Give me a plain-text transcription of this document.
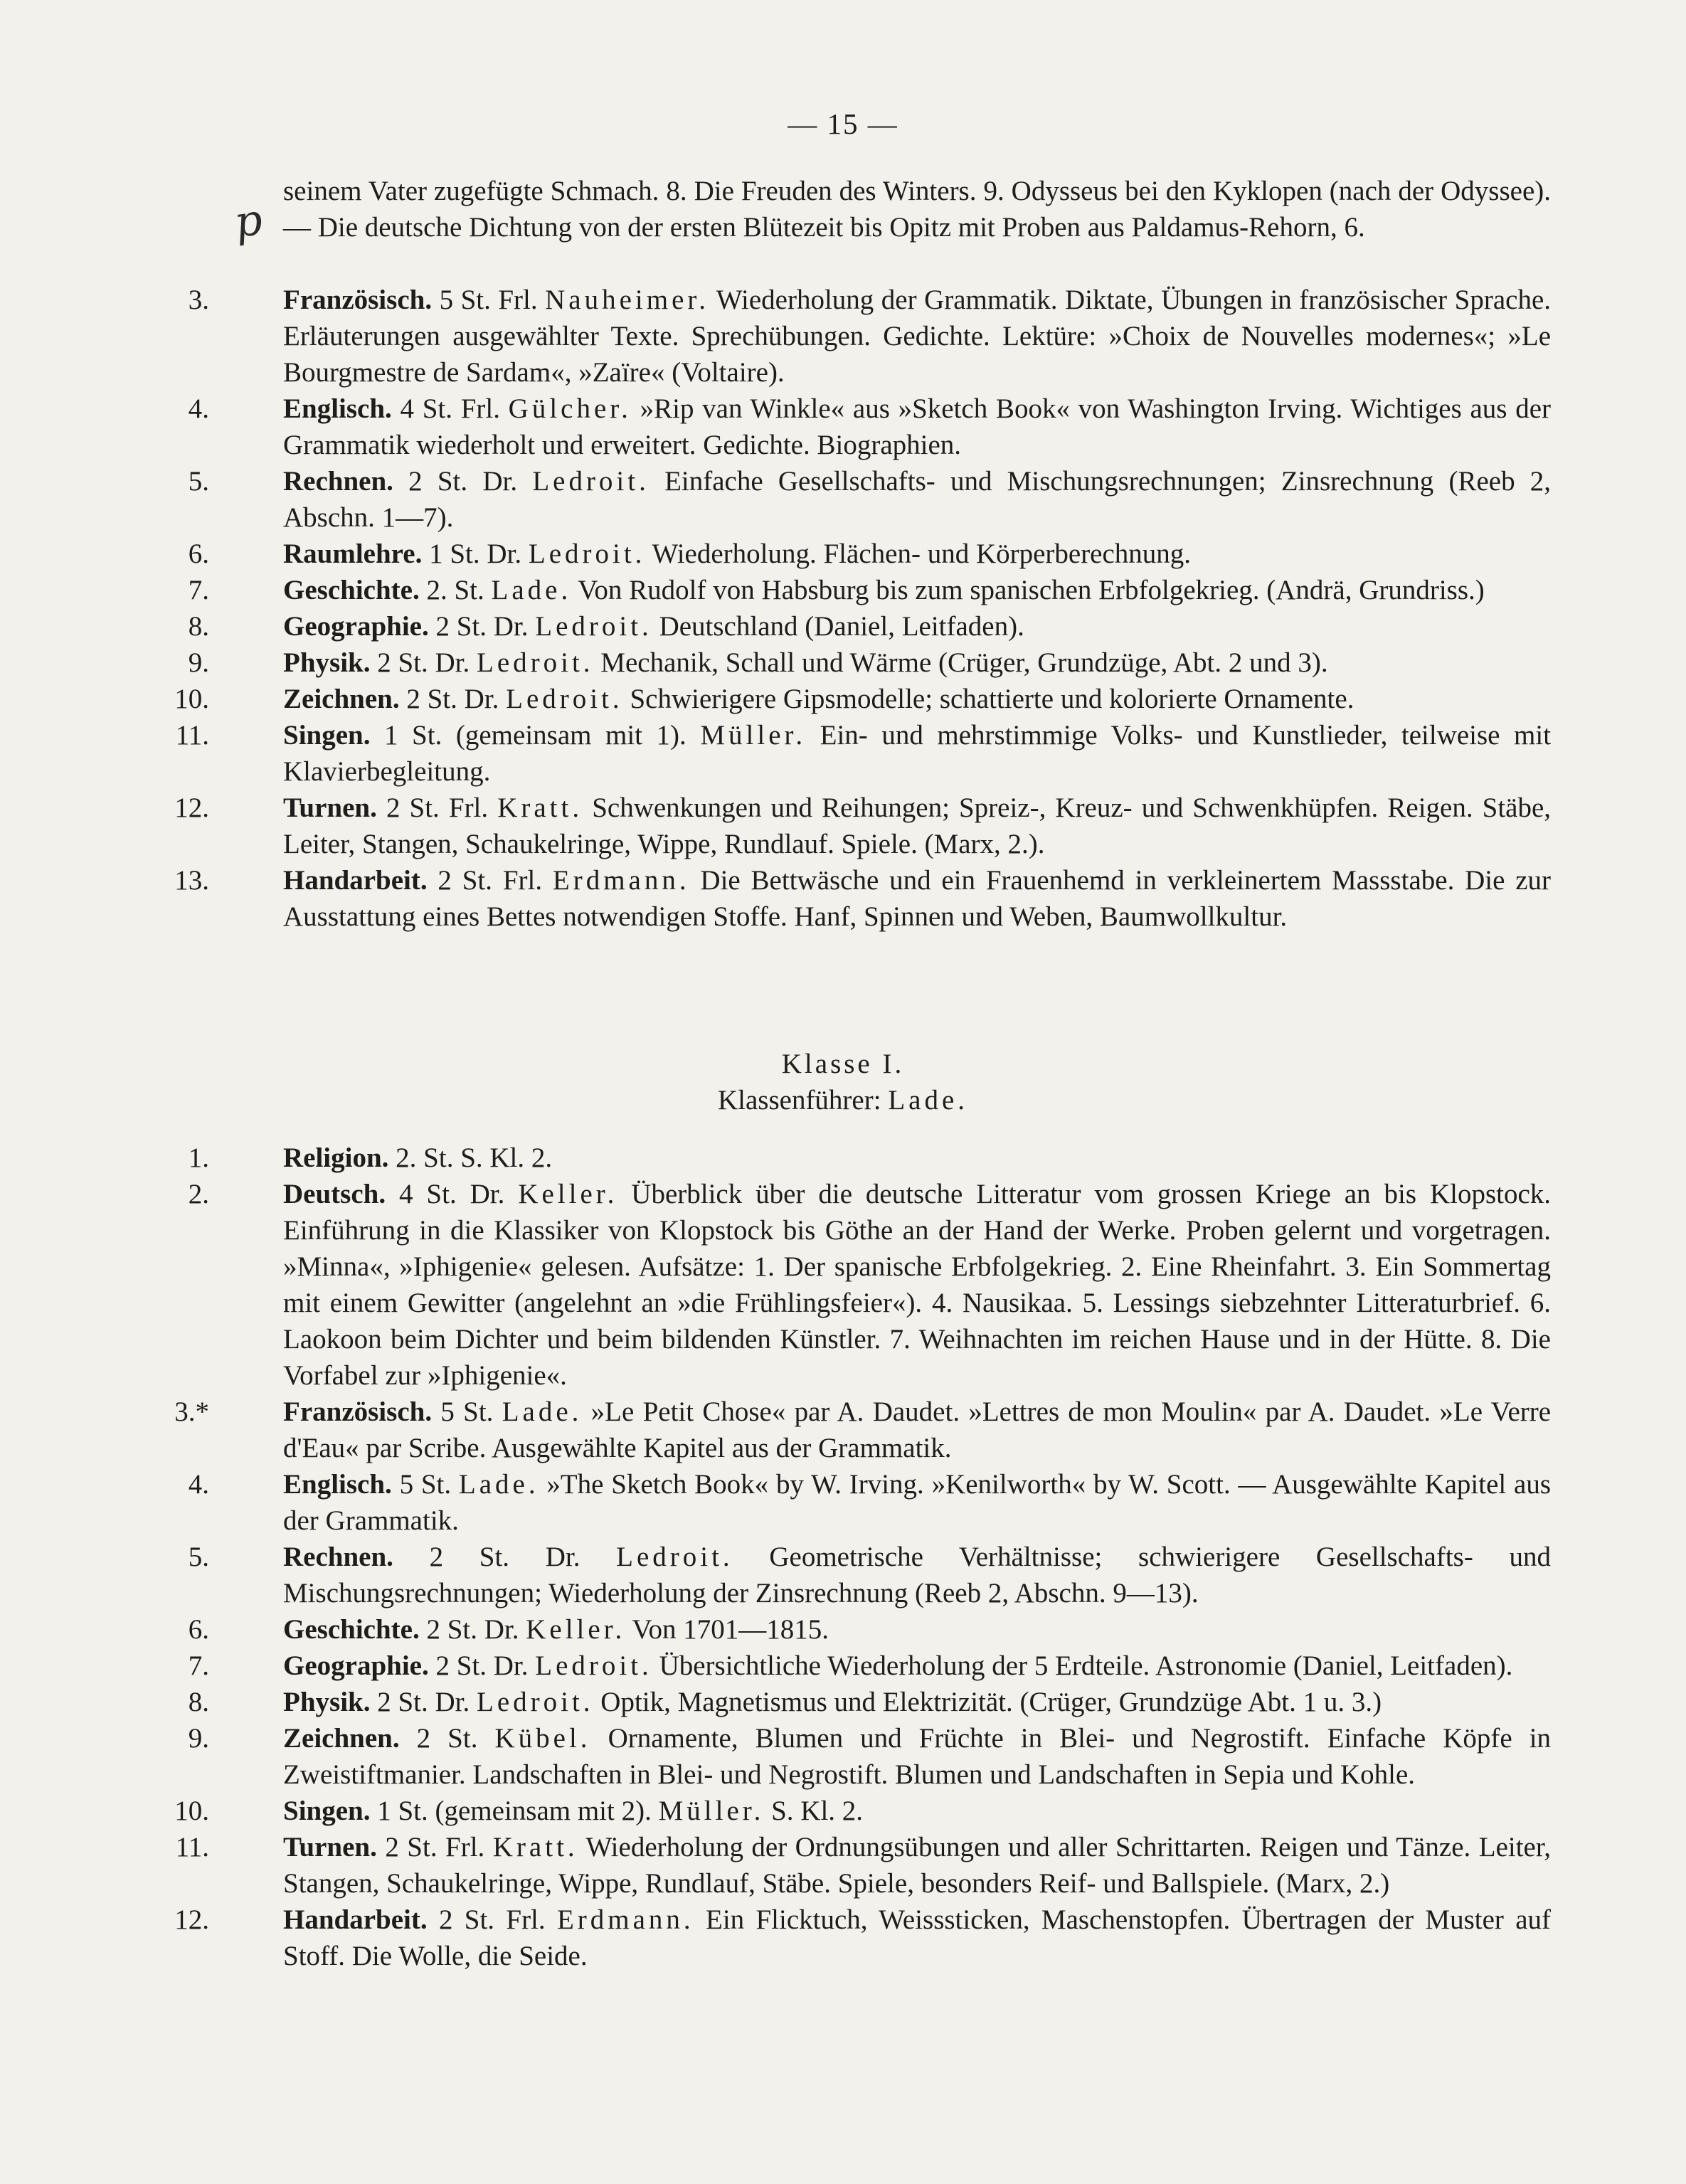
— 15 —
p
seinem Vater zugefügte Schmach. 8. Die Freuden des Winters. 9. Odysseus bei den Kyklopen (nach der Odyssee). — Die deutsche Dichtung von der ersten Blütezeit bis Opitz mit Proben aus Paldamus-Rehorn, 6.
3.	Französisch. 5 St. Frl. Nauheimer. Wiederholung der Grammatik. Diktate, Übungen in französischer Sprache. Erläuterungen ausgewählter Texte. Sprechübungen. Gedichte. Lektüre: »Choix de Nouvelles modernes«; »Le Bourgmestre de Sardam«, »Zaïre« (Voltaire).
4.	Englisch. 4 St. Frl. Gülcher. »Rip van Winkle« aus »Sketch Book« von Washington Irving. Wichtiges aus der Grammatik wiederholt und erweitert. Gedichte. Biographien.
5.	Rechnen. 2 St. Dr. Ledroit. Einfache Gesellschafts- und Mischungsrechnungen; Zinsrechnung (Reeb 2, Abschn. 1—7).
6.	Raumlehre. 1 St. Dr. Ledroit. Wiederholung. Flächen- und Körperberechnung.
7.	Geschichte. 2. St. Lade. Von Rudolf von Habsburg bis zum spanischen Erbfolgekrieg. (Andrä, Grundriss.)
8.	Geographie. 2 St. Dr. Ledroit. Deutschland (Daniel, Leitfaden).
9.	Physik. 2 St. Dr. Ledroit. Mechanik, Schall und Wärme (Crüger, Grundzüge, Abt. 2 und 3).
10.	Zeichnen. 2 St. Dr. Ledroit. Schwierigere Gipsmodelle; schattierte und kolorierte Ornamente.
11.	Singen. 1 St. (gemeinsam mit 1). Müller. Ein- und mehrstimmige Volks- und Kunstlieder, teilweise mit Klavierbegleitung.
12.	Turnen. 2 St. Frl. Kratt. Schwenkungen und Reihungen; Spreiz-, Kreuz- und Schwenkhüpfen. Reigen. Stäbe, Leiter, Stangen, Schaukelringe, Wippe, Rundlauf. Spiele. (Marx, 2.).
13.	Handarbeit. 2 St. Frl. Erdmann. Die Bettwäsche und ein Frauenhemd in verkleinertem Massstabe. Die zur Ausstattung eines Bettes notwendigen Stoffe. Hanf, Spinnen und Weben, Baumwollkultur.

Klasse I.

Klassenführer: Lade.

1.	Religion. 2. St. S. Kl. 2.
2.	Deutsch. 4 St. Dr. Keller. Überblick über die deutsche Litteratur vom grossen Kriege an bis Klopstock. Einführung in die Klassiker von Klopstock bis Göthe an der Hand der Werke. Proben gelernt und vorgetragen. »Minna«, »Iphigenie« gelesen. Aufsätze: 1. Der spanische Erbfolgekrieg. 2. Eine Rheinfahrt. 3. Ein Sommertag mit einem Gewitter (angelehnt an »die Frühlingsfeier«). 4. Nausikaa. 5. Lessings siebzehnter Litteraturbrief. 6. Laokoon beim Dichter und beim bildenden Künstler. 7. Weihnachten im reichen Hause und in der Hütte. 8. Die Vorfabel zur »Iphigenie«.
3.*	Französisch. 5 St. Lade. »Le Petit Chose« par A. Daudet. »Lettres de mon Moulin« par A. Daudet. »Le Verre d'Eau« par Scribe. Ausgewählte Kapitel aus der Grammatik.
4.	Englisch. 5 St. Lade. »The Sketch Book« by W. Irving. »Kenilworth« by W. Scott. — Ausgewählte Kapitel aus der Grammatik.
5.	Rechnen. 2 St. Dr. Ledroit. Geometrische Verhältnisse; schwierigere Gesellschafts- und Mischungsrechnungen; Wiederholung der Zinsrechnung (Reeb 2, Abschn. 9—13).
6.	Geschichte. 2 St. Dr. Keller. Von 1701—1815.
7.	Geographie. 2 St. Dr. Ledroit. Übersichtliche Wiederholung der 5 Erdteile. Astronomie (Daniel, Leitfaden).
8.	Physik. 2 St. Dr. Ledroit. Optik, Magnetismus und Elektrizität. (Crüger, Grundzüge Abt. 1 u. 3.)
9.	Zeichnen. 2 St. Kübel. Ornamente, Blumen und Früchte in Blei- und Negrostift. Einfache Köpfe in Zweistiftmanier. Landschaften in Blei- und Negrostift. Blumen und Landschaften in Sepia und Kohle.
10.	Singen. 1 St. (gemeinsam mit 2). Müller. S. Kl. 2.
11.	Turnen. 2 St. Frl. Kratt. Wiederholung der Ordnungsübungen und aller Schrittarten. Reigen und Tänze. Leiter, Stangen, Schaukelringe, Wippe, Rundlauf, Stäbe. Spiele, besonders Reif- und Ballspiele. (Marx, 2.)
12.	Handarbeit. 2 St. Frl. Erdmann. Ein Flicktuch, Weisssticken, Maschenstopfen. Übertragen der Muster auf Stoff. Die Wolle, die Seide.
